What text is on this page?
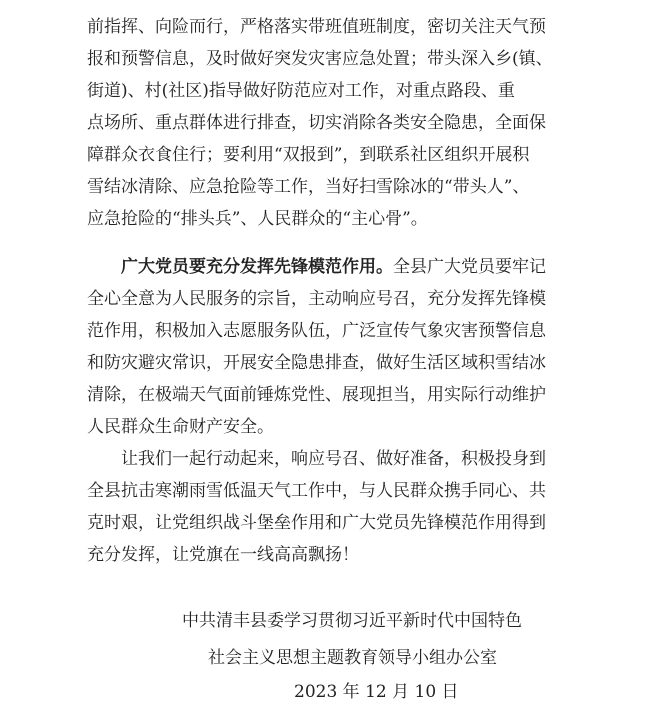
前指挥、向险而行，严格落实带班值班制度，密切关注天气预
报和预警信息，及时做好突发灾害应急处置；带头深入乡(镇、
街道)、村(社区)指导做好防范应对工作，对重点路段、重
点场所、重点群体进行排查，切实消除各类安全隐患，全面保
障群众衣食住行；要利用“双报到”，到联系社区组织开展积
雪结冰清除、应急抢险等工作，当好扫雪除冰的“带头人”、
应急抢险的“排头兵”、人民群众的“主心骨”。
广大党员要充分发挥先锋模范作用。全县广大党员要牢记
全心全意为人民服务的宗旨，主动响应号召，充分发挥先锋模
范作用，积极加入志愿服务队伍，广泛宣传气象灾害预警信息
和防灾避灾常识，开展安全隐患排查，做好生活区域积雪结冰
清除，在极端天气面前锤炼党性、展现担当，用实际行动维护
人民群众生命财产安全。
让我们一起行动起来，响应号召、做好准备，积极投身到
全县抗击寒潮雨雪低温天气工作中，与人民群众携手同心、共
克时艰，让党组织战斗堡垒作用和广大党员先锋模范作用得到
充分发挥，让党旗在一线高高飘扬！
中共清丰县委学习贯彻习近平新时代中国特色
社会主义思想主题教育领导小组办公室
2023 年 12 月 10 日
